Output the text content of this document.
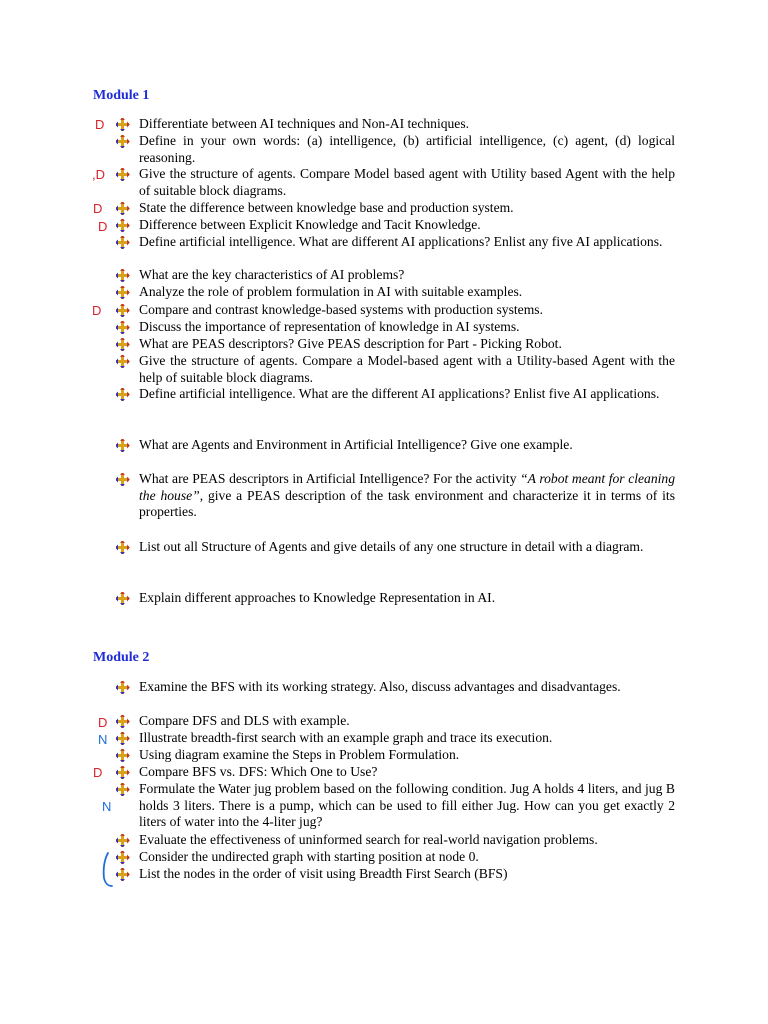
Module 1
D	Differentiate between AI techniques and Non-AI techniques.
Define in your own words: (a) intelligence, (b) artificial intelligence, (c) agent, (d) logical reasoning.
,D	Give the structure of agents. Compare Model based agent with Utility based Agent with the help of suitable block diagrams.
D	State the difference between knowledge base and production system.
D Difference between Explicit Knowledge and Tacit Knowledge.
Define artificial intelligence. What are different AI applications? Enlist any five AI applications.
What are the key characteristics of AI problems?
Analyze the role of problem formulation in AI with suitable examples.
D	Compare and contrast knowledge-based systems with production systems.
Discuss the importance of representation of knowledge in AI systems.
What are PEAS descriptors? Give PEAS description for Part - Picking Robot.
Give the structure of agents. Compare a Model-based agent with a Utility-based Agent with the help of suitable block diagrams.
Define artificial intelligence. What are the different AI applications? Enlist five AI applications.
What are Agents and Environment in Artificial Intelligence? Give one example.
What are PEAS descriptors in Artificial Intelligence? For the activity “A robot meant for cleaning the house”, give a PEAS description of the task environment and characterize it in terms of its properties.
List out all Structure of Agents and give details of any one structure in detail with a diagram.
Explain different approaches to Knowledge Representation in AI.
Module 2
Examine the BFS with its working strategy. Also, discuss advantages and disadvantages.
D Compare DFS and DLS with example.
N Illustrate breadth-first search with an example graph and trace its execution.
Using diagram examine the Steps in Problem Formulation.
D	Compare BFS vs. DFS: Which One to Use?
N
Formulate the Water jug problem based on the following condition. Jug A holds 4 liters, and jug B holds 3 liters. There is a pump, which can be used to fill either Jug. How can you get exactly 2 liters of water into the 4-liter jug?
Evaluate the effectiveness of uninformed search for real-world navigation problems.
Consider the undirected graph with starting position at node 0.
List the nodes in the order of visit using Breadth First Search (BFS)
